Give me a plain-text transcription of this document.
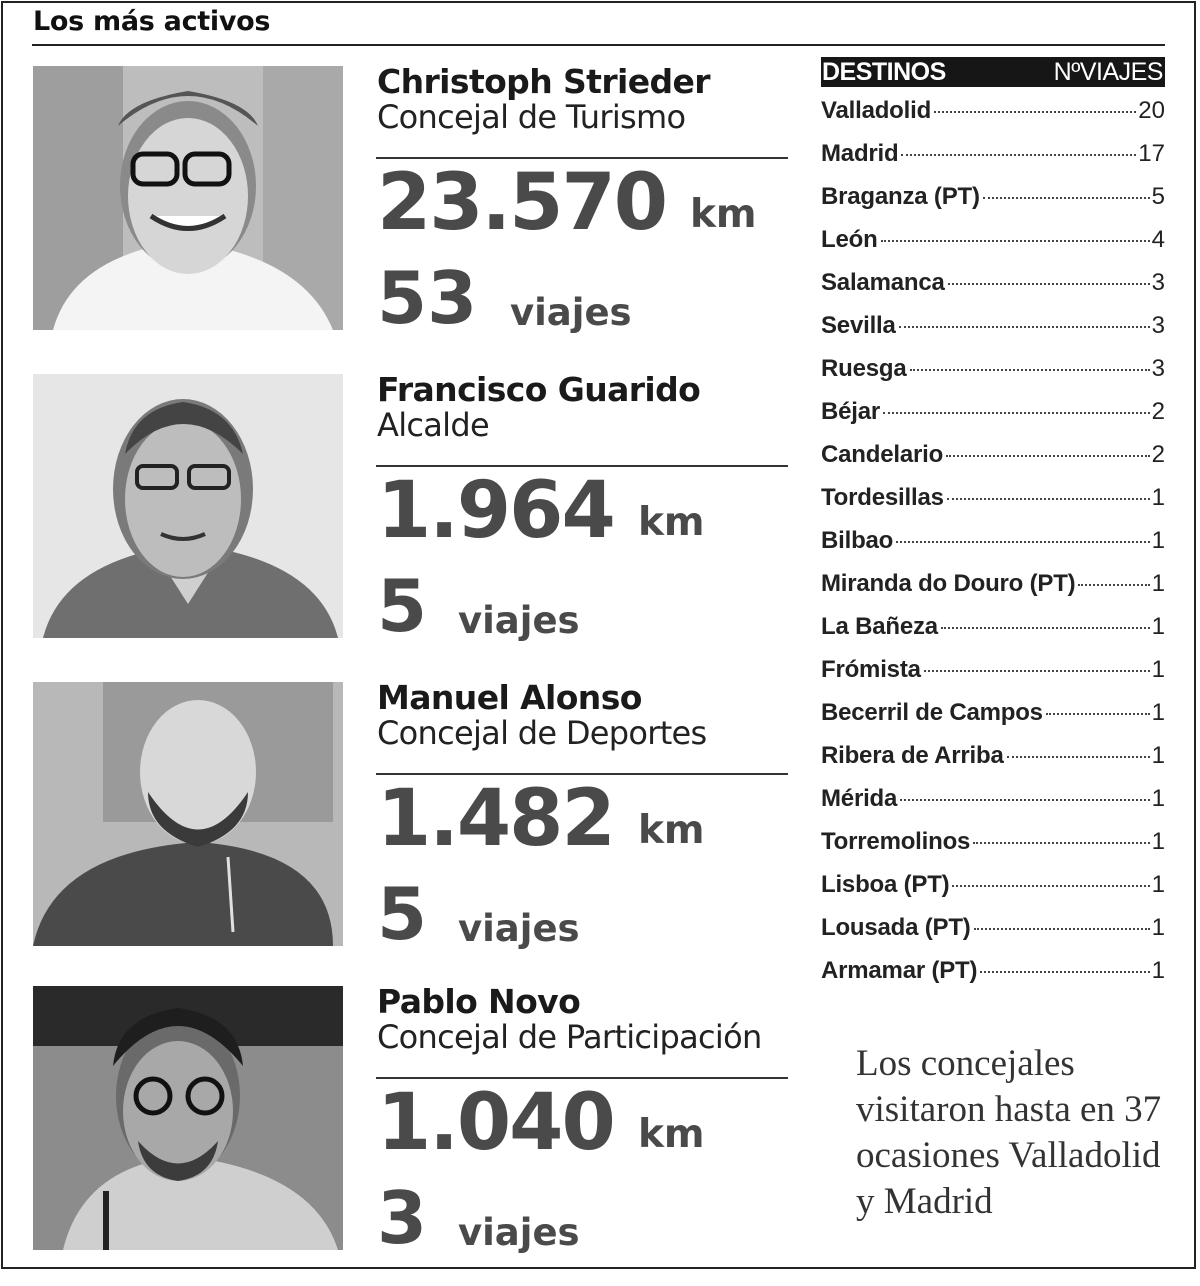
Los más activos
Christoph Strieder
Concejal de Turismo
23.570 km
53 viajes
Francisco Guarido
Alcalde
1.964 km
5 viajes
Manuel Alonso
Concejal de Deportes
1.482 km
5 viajes
Pablo Novo
Concejal de Participación
1.040 km
3 viajes
DESTINOS	NºVIAJES
Valladolid	20
Madrid	17
Braganza (PT)	5
León	4
Salamanca	3
Sevilla	3
Ruesga	3
Béjar	2
Candelario	2
Tordesillas	1
Bilbao	1
Miranda do Douro (PT)	1
La Bañeza	1
Frómista	1
Becerril de Campos	1
Ribera de Arriba	1
Mérida	1
Torremolinos	1
Lisboa (PT)	1
Lousada (PT)	1
Armamar (PT)	1
Los concejales visitaron hasta en 37 ocasiones Valladolid y Madrid
